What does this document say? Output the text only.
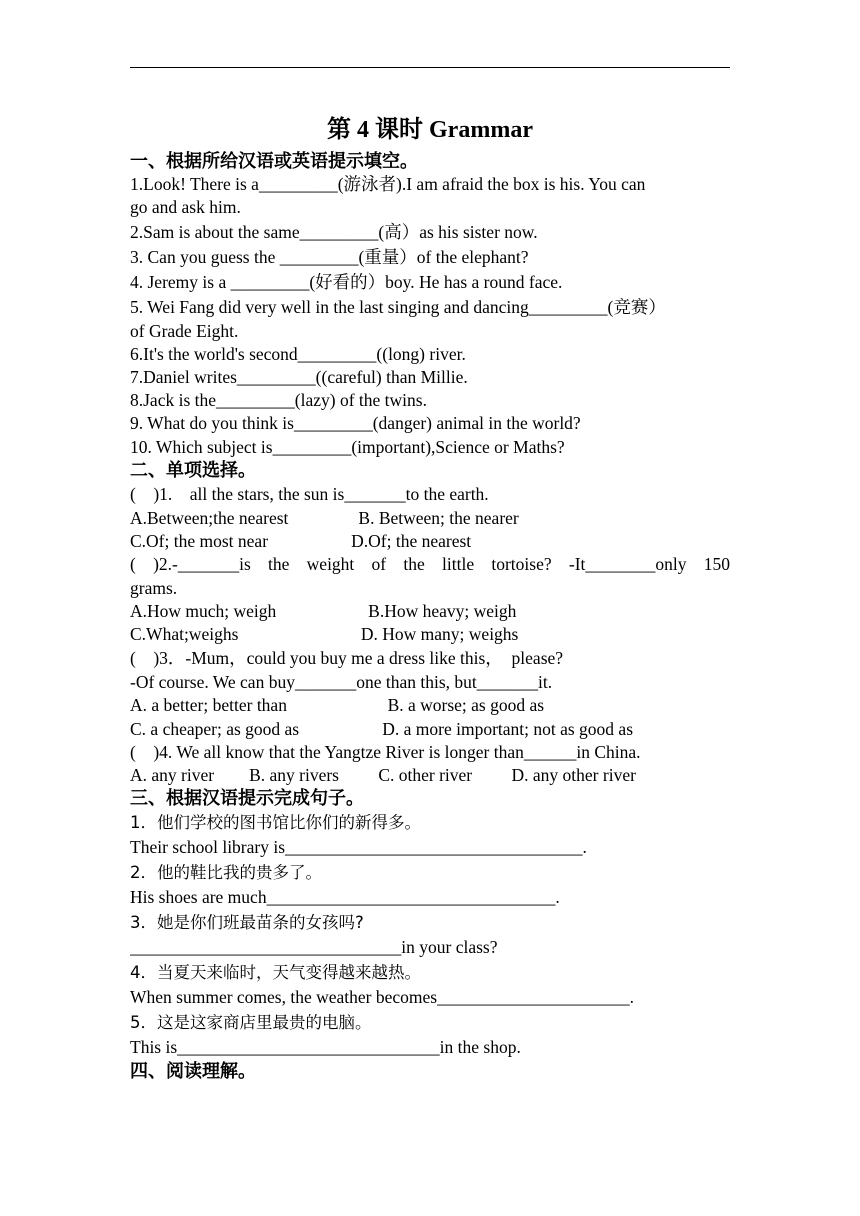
第 4 课时 Grammar
一、根据所给汉语或英语提示填空。
1.Look! There is a_________(游泳者).I am afraid the box is his. You can
go and ask him.
2.Sam is about the same_________(高）as his sister now.
3. Can you guess the _________(重量）of the elephant?
4. Jeremy is a _________(好看的）boy. He has a round face.
5. Wei Fang did very well in the last singing and dancing_________(竞赛）
of Grade Eight.
6.It's the world's second_________((long) river.
7.Daniel writes_________((careful) than Millie.
8.Jack is the_________(lazy) of the twins.
9. What do you think is_________(danger) animal in the world?
10. Which subject is_________(important),Science or Maths?
二、单项选择。
(    )1.    all the stars, the sun is_______to the earth.
A.Between;the nearest                B. Between; the nearer
C.Of; the most near                   D.Of; the nearest
( )2.-_______is the weight of the little tortoise? -It________only 150
grams.
A.How much; weigh                     B.How heavy; weigh
C.What;weighs                            D. How many; weighs
(    )3．-Mum，could you buy me a dress like this，  please?
-Of course. We can buy_______one than this, but_______it.
A. a better; better than                       B. a worse; as good as
C. a cheaper; as good as                   D. a more important; not as good as
(    )4. We all know that the Yangtze River is longer than______in China.
A. any river        B. any rivers         C. other river         D. any other river
三、根据汉语提示完成句子。
1．他们学校的图书馆比你们的新得多。
Their school library is__________________________________.
2．他的鞋比我的贵多了。
His shoes are much_________________________________.
3．她是你们班最苗条的女孩吗?
_______________________________in your class?
4．当夏天来临时，天气变得越来越热。
When summer comes, the weather becomes______________________.
5．这是这家商店里最贵的电脑。
This is______________________________in the shop.
四、阅读理解。
